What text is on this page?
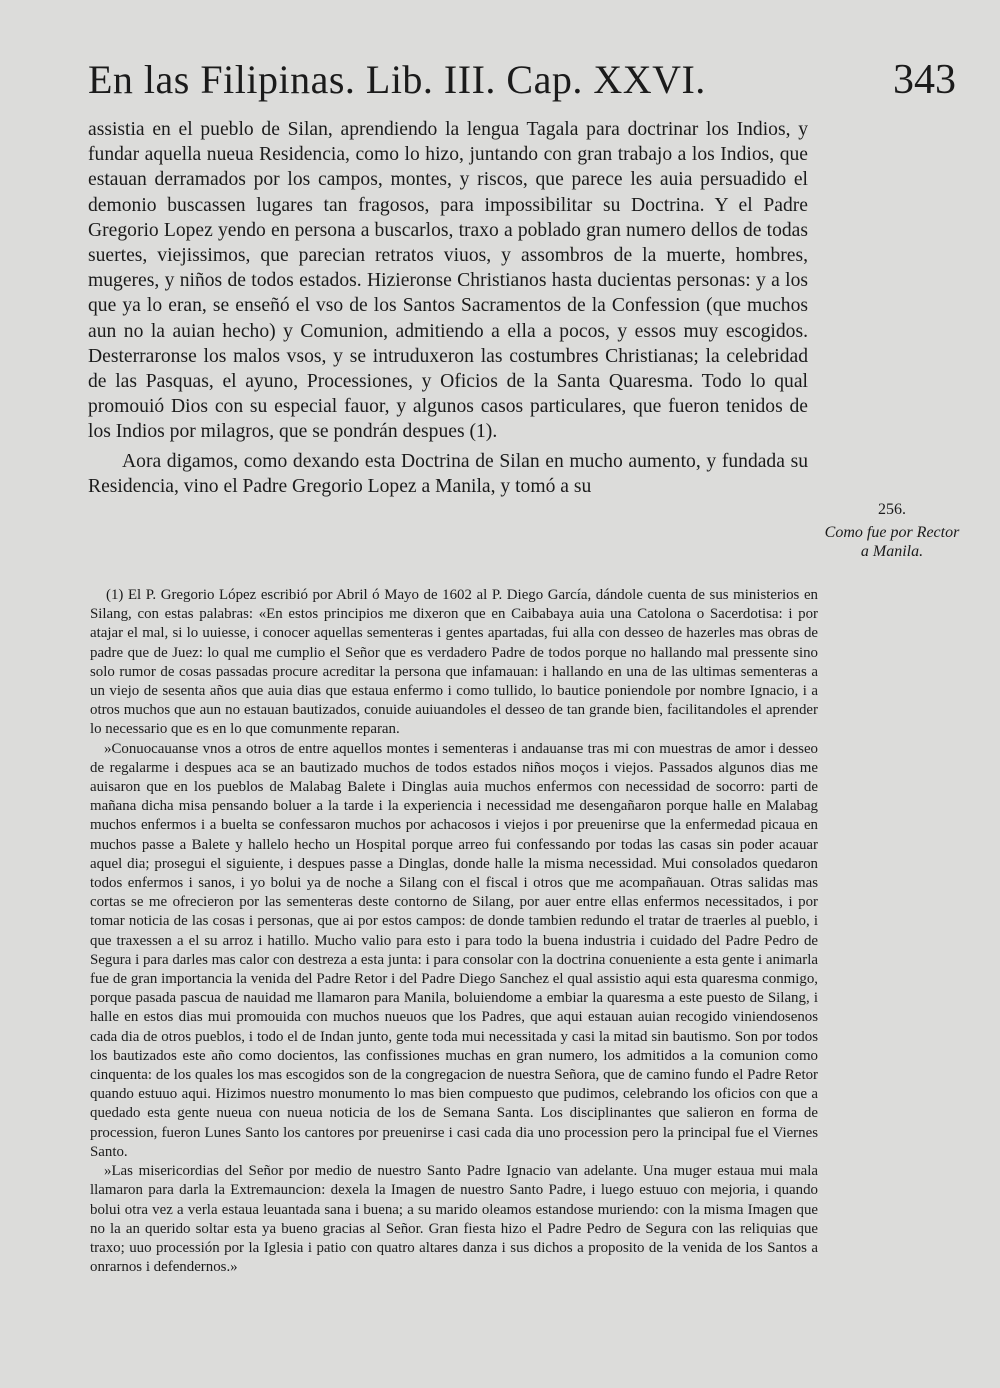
En las Filipinas. Lib. III. Cap. XXVI.	343

assistia en el pueblo de Silan, aprendiendo la lengua Tagala para doctrinar los Indios, y fundar aquella nueua Residencia, como lo hizo, juntando con gran trabajo a los Indios, que estauan derramados por los campos, montes, y riscos, que parece les auia persuadido el demonio buscassen lugares tan fragosos, para impossibilitar su Doctrina. Y el Padre Gregorio Lopez yendo en persona a buscarlos, traxo a poblado gran numero dellos de todas suertes, viejissimos, que parecian retratos viuos, y assombros de la muerte, hombres, mugeres, y niños de todos estados. Hizieronse Christianos hasta ducientas personas: y a los que ya lo eran, se enseñó el vso de los Santos Sacramentos de la Confession (que muchos aun no la auian hecho) y Comunion, admitiendo a ella a pocos, y essos muy escogidos. Desterraronse los malos vsos, y se intruduxeron las costumbres Christianas; la celebridad de las Pasquas, el ayuno, Processiones, y Oficios de la Santa Quaresma. Todo lo qual promouió Dios con su especial fauor, y algunos casos particulares, que fueron tenidos de los Indios por milagros, que se pondrán despues (1).

Aora digamos, como dexando esta Doctrina de Silan en mucho aumento, y fundada su Residencia, vino el Padre Gregorio Lopez a Manila, y tomó a su

256.
Como fue por Rector a Manila.

(1) El P. Gregorio López escribió por Abril ó Mayo de 1602 al P. Diego García, dándole cuenta de sus ministerios en Silang, con estas palabras: «En estos principios me dixeron que en Caibabaya auia una Catolona o Sacerdotisa: i por atajar el mal, si lo uuiesse, i conocer aquellas sementeras i gentes apartadas, fui alla con desseo de hazerles mas obras de padre que de Juez: lo qual me cumplio el Señor que es verdadero Padre de todos porque no hallando mal pressente sino solo rumor de cosas passadas procure acreditar la persona que infamauan: i hallando en una de las ultimas sementeras a un viejo de sesenta años que auia dias que estaua enfermo i como tullido, lo bautice poniendole por nombre Ignacio, i a otros muchos que aun no estauan bautizados, conuide auiuandoles el desseo de tan grande bien, facilitandoles el aprender lo necessario que es en lo que comunmente reparan.

»Conuocauanse vnos a otros de entre aquellos montes i sementeras i andauanse tras mi con muestras de amor i desseo de regalarme i despues aca se an bautizado muchos de todos estados niños moços i viejos. Passados algunos dias me auisaron que en los pueblos de Malabag Balete i Dinglas auia muchos enfermos con necessidad de socorro: parti de mañana dicha misa pensando boluer a la tarde i la experiencia i necessidad me desengañaron porque halle en Malabag muchos enfermos i a buelta se confessaron muchos por achacosos i viejos i por preuenirse que la enfermedad picaua en muchos passe a Balete y hallelo hecho un Hospital porque arreo fui confessando por todas las casas sin poder acauar aquel dia; prosegui el siguiente, i despues passe a Dinglas, donde halle la misma necessidad. Mui consolados quedaron todos enfermos i sanos, i yo bolui ya de noche a Silang con el fiscal i otros que me acompañauan. Otras salidas mas cortas se me ofrecieron por las sementeras deste contorno de Silang, por auer entre ellas enfermos necessitados, i por tomar noticia de las cosas i personas, que ai por estos campos: de donde tambien redundo el tratar de traerles al pueblo, i que traxessen a el su arroz i hatillo. Mucho valio para esto i para todo la buena industria i cuidado del Padre Pedro de Segura i para darles mas calor con destreza a esta junta: i para consolar con la doctrina conueniente a esta gente i animarla fue de gran importancia la venida del Padre Retor i del Padre Diego Sanchez el qual assistio aqui esta quaresma conmigo, porque pasada pascua de nauidad me llamaron para Manila, boluiendome a embiar la quaresma a este puesto de Silang, i halle en estos dias mui promouida con muchos nueuos que los Padres, que aqui estauan auian recogido viniendosenos cada dia de otros pueblos, i todo el de Indan junto, gente toda mui necessitada y casi la mitad sin bautismo. Son por todos los bautizados este año como docientos, las confissiones muchas en gran numero, los admitidos a la comunion como cinquenta: de los quales los mas escogidos son de la congregacion de nuestra Señora, que de camino fundo el Padre Retor quando estuuo aqui. Hizimos nuestro monumento lo mas bien compuesto que pudimos, celebrando los oficios con que a quedado esta gente nueua con nueua noticia de los de Semana Santa. Los disciplinantes que salieron en forma de procession, fueron Lunes Santo los cantores por preuenirse i casi cada dia uno procession pero la principal fue el Viernes Santo.

»Las misericordias del Señor por medio de nuestro Santo Padre Ignacio van adelante. Una muger estaua mui mala llamaron para darla la Extremauncion: dexela la Imagen de nuestro Santo Padre, i luego estuuo con mejoria, i quando bolui otra vez a verla estaua leuantada sana i buena; a su marido oleamos estandose muriendo: con la misma Imagen que no la an querido soltar esta ya bueno gracias al Señor. Gran fiesta hizo el Padre Pedro de Segura con las reliquias que traxo; uuo processión por la Iglesia i patio con quatro altares danza i sus dichos a proposito de la venida de los Santos a onrarnos i defendernos.»
